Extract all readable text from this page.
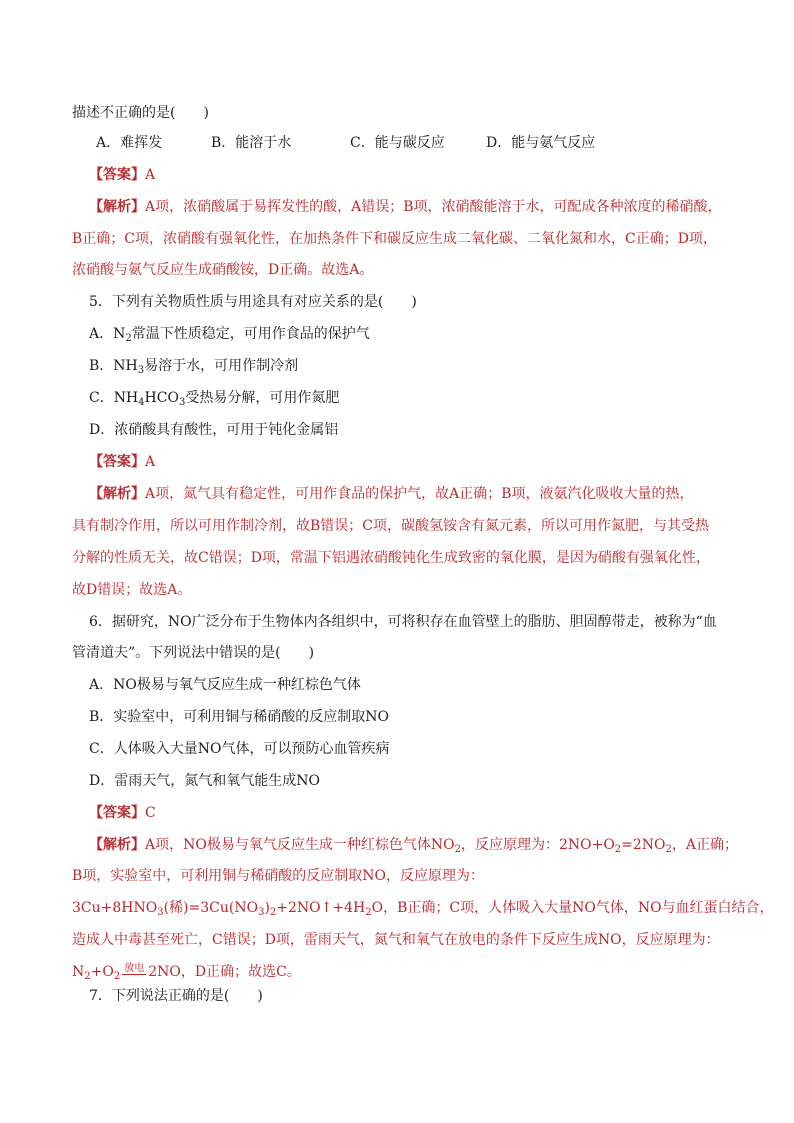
描述不正确的是(　　)
A．难挥发	B．能溶于水	C．能与碳反应	D．能与氨气反应
【答案】A
【解析】A项，浓硝酸属于易挥发性的酸，A错误；B项，浓硝酸能溶于水，可配成各种浓度的稀硝酸，
B正确；C项，浓硝酸有强氧化性，在加热条件下和碳反应生成二氧化碳、二氧化氮和水，C正确；D项，
浓硝酸与氨气反应生成硝酸铵，D正确。故选A。
5．下列有关物质性质与用途具有对应关系的是(　　)
A．$N_2$常温下性质稳定，可用作食品的保护气
B．$NH_3$易溶于水，可用作制冷剂
C．$NH_4HCO_3$受热易分解，可用作氮肥
D．浓硝酸具有酸性，可用于钝化金属铝
【答案】A
【解析】A项，氮气具有稳定性，可用作食品的保护气，故A正确；B项，液氨汽化吸收大量的热，
具有制冷作用，所以可用作制冷剂，故B错误；C项，碳酸氢铵含有氮元素，所以可用作氮肥，与其受热
分解的性质无关，故C错误；D项，常温下铝遇浓硝酸钝化生成致密的氧化膜，是因为硝酸有强氧化性，
故D错误；故选A。
6．据研究，NO广泛分布于生物体内各组织中，可将积存在血管壁上的脂肪、胆固醇带走，被称为“血
管清道夫”。下列说法中错误的是(　　)
A．NO极易与氧气反应生成一种红棕色气体
B．实验室中，可利用铜与稀硝酸的反应制取NO
C．人体吸入大量NO气体，可以预防心血管疾病
D．雷雨天气，氮气和氧气能生成NO
【答案】C
【解析】A项，NO极易与氧气反应生成一种红棕色气体$NO_2$，反应原理为：$2NO+O_2=2NO_2$，A正确；
B项，实验室中，可利用铜与稀硝酸的反应制取NO，反应原理为：
$3Cu+8HNO_3$(稀)$=3Cu(NO_3)_2+2NO↑+4H_2O$，B正确；C项，人体吸入大量NO气体，NO与血红蛋白结合，
造成人中毒甚至死亡，C错误；D项，雷雨天气，氮气和氧气在放电的条件下反应生成NO，反应原理为：
$N_2+O_2$放电 2NO，D正确；故选C。
7．下列说法正确的是(　　)
